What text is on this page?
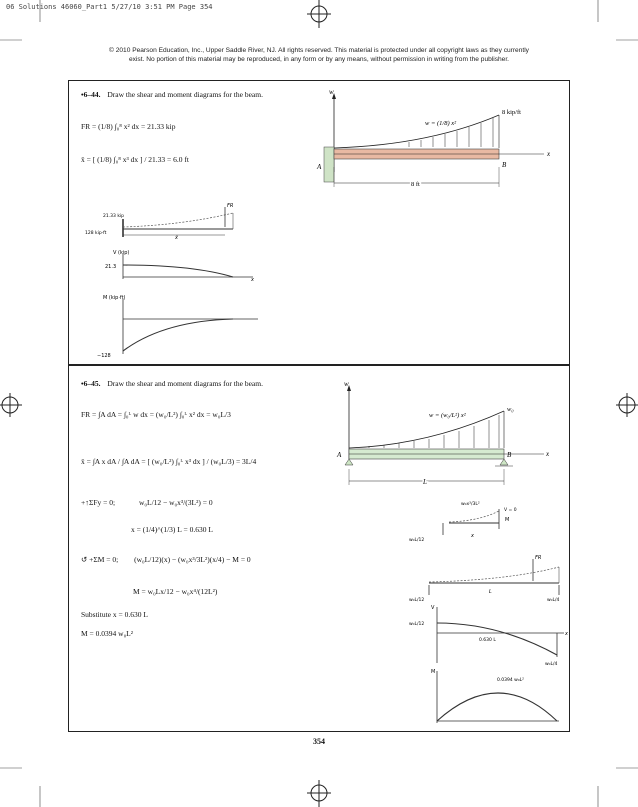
06 Solutions 46060_Part1 5/27/10 3:51 PM Page 354
© 2010 Pearson Education, Inc., Upper Saddle River, NJ. All rights reserved. This material is protected under all copyright laws as they currently
exist. No portion of this material may be reproduced, in any form or by any means, without permission in writing from the publisher.
•6–44. Draw the shear and moment diagrams for the beam.
FR = (1/8) ∫₀⁸ x² dx = 21.33 kip
x̄ = [ (1/8) ∫₀⁸ x³ dx ] / 21.33 = 6.0 ft
w
x
w = (1/8) x²
8 kip/ft
A	B
8 ft
FR
21.33 kip
128 kip·ft
x̄
V (kip)
21.3
x
M (kip·ft)
−128
•6–45. Draw the shear and moment diagrams for the beam.
FR = ∫A dA = ∫₀ᴸ w dx = (w₀/L²) ∫₀ᴸ x² dx = w₀L/3
x̄ = ∫A x dA / ∫A dA = [ (w₀/L²) ∫₀ᴸ x³ dx ] / (w₀L/3) = 3L/4
+↑ΣFy = 0;	w₀L/12 − w₀x³/(3L²) = 0
x = (1/4)^(1/3) L = 0.630 L
↺ +ΣM = 0; (w₀L/12)(x) − (w₀x³/3L²)(x/4) − M = 0
M = w₀Lx/12 − w₀x⁴/(12L²)
Substitute x = 0.630 L
M = 0.0394 w₀L²
w
x
w = (w₀/L²) x²
w₀
A	B
L
w₀x³/3L²
V = 0
M
w₀L/12
x
FR
w₀L/12	w₀L/4
L
V
w₀L/12
0.630 L
w₀L/4
x
M
0.0394 w₀L²
354
